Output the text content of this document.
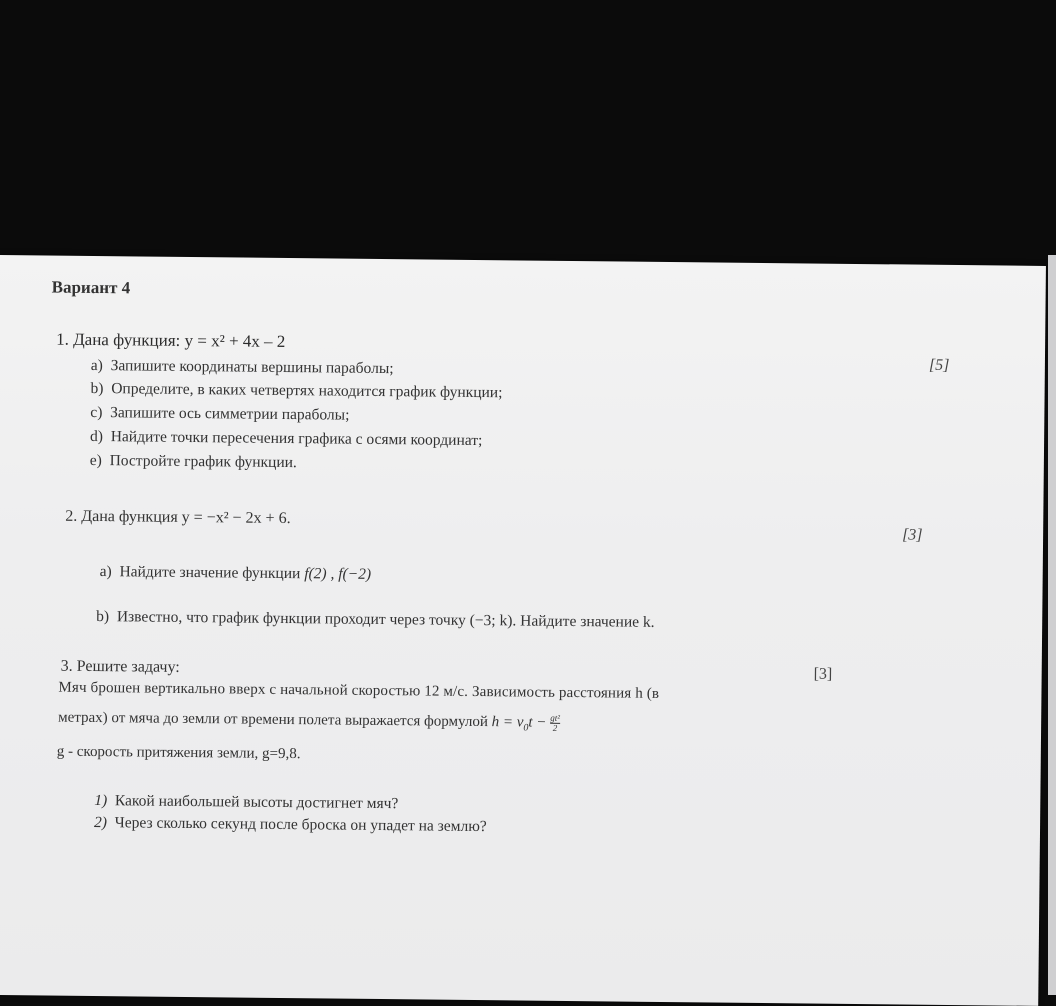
Вариант 4
1. Дана функция: y = x² + 4x – 2
[5]
a) Запишите координаты вершины параболы;
b) Определите, в каких четвертях находится график функции;
c) Запишите ось симметрии параболы;
d) Найдите точки пересечения графика с осями координат;
e) Постройте график функции.
2. Дана функция y = −x² − 2x + 6.
[3]
a) Найдите значение функции f(2) , f(−2)
b) Известно, что график функции проходит через точку (−3; k). Найдите значение k.
3. Решите задачу:	[3]
Мяч брошен вертикально вверх с начальной скоростью 12 м/с. Зависимость расстояния h (в
метрах) от мяча до земли от времени полета выражается формулой $h = v_0t - \frac{\text{gt²}}{2}$
g - скорость притяжения земли, g=9,8.
1) Какой наибольшей высоты достигнет мяч?
2) Через сколько секунд после броска он упадет на землю?
